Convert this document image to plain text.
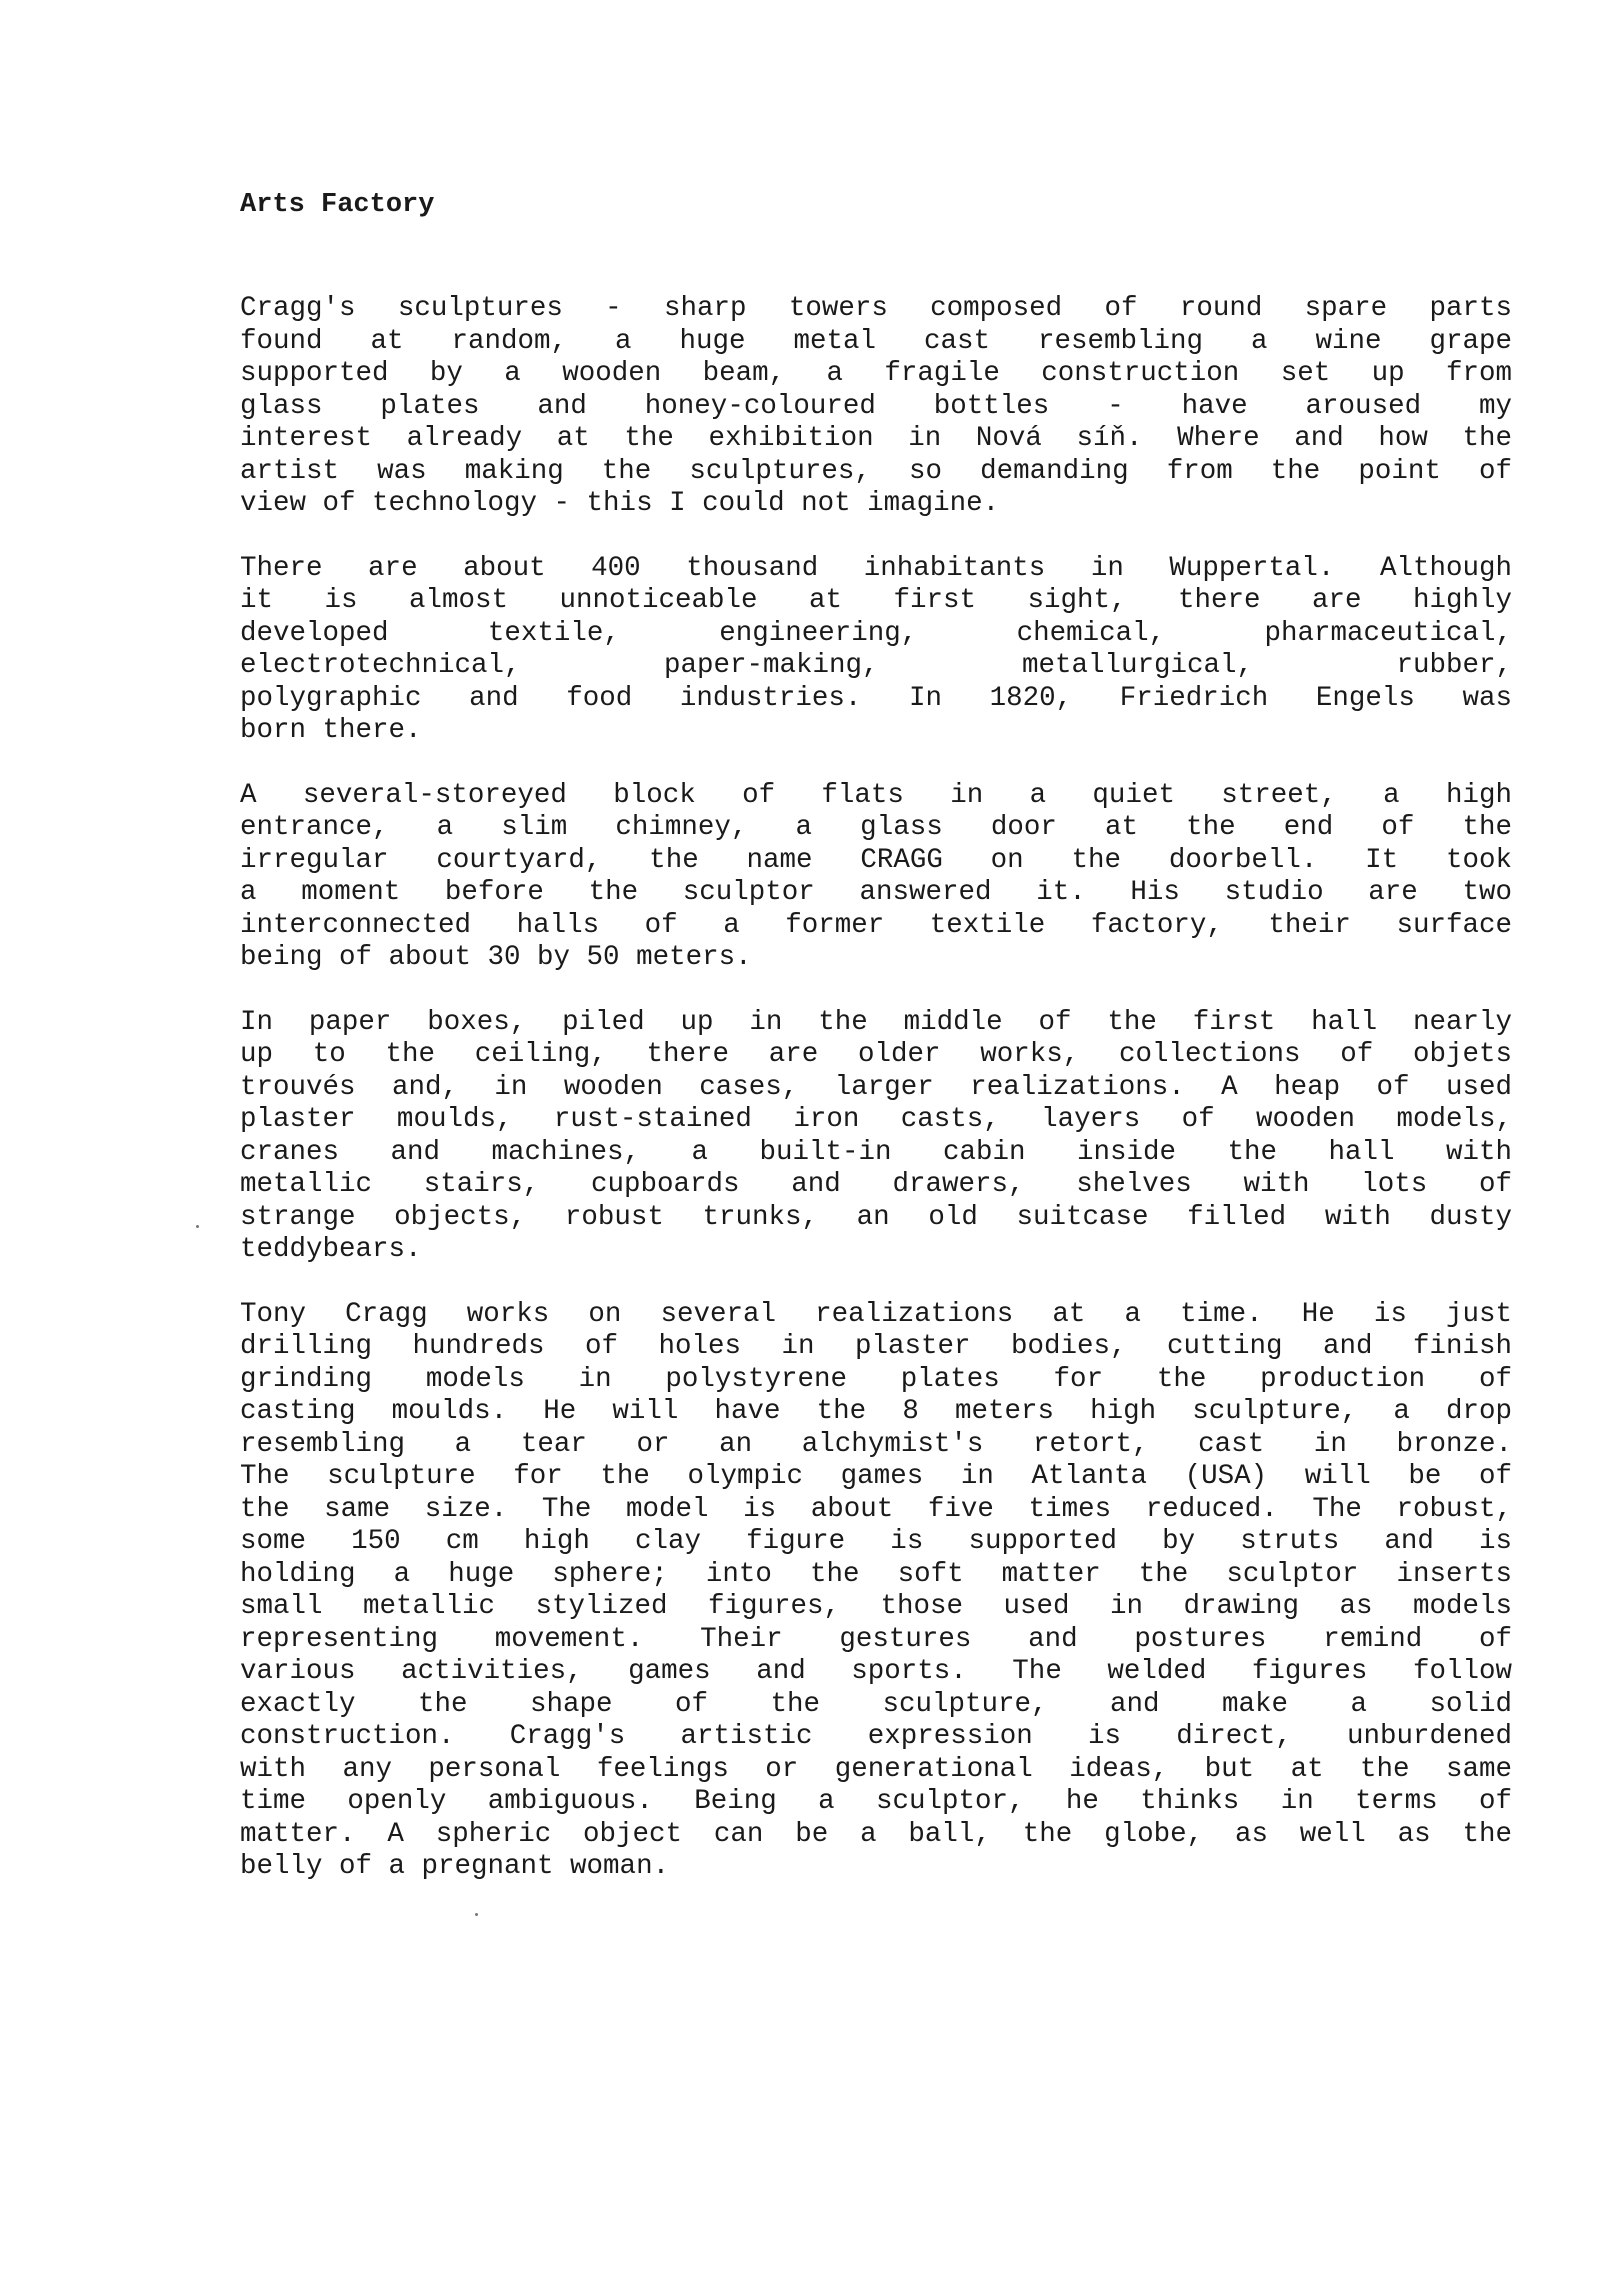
Arts Factory
Cragg's sculptures - sharp towers composed of round spare parts
found at random, a huge metal cast resembling a wine grape
supported by a wooden beam, a fragile construction set up from
glass plates and honey-coloured bottles - have aroused my
interest already at the exhibition in Nová síň. Where and how the
artist was making the sculptures, so demanding from the point of
view of technology - this I could not imagine.
There are about 400 thousand inhabitants in Wuppertal. Although
it is almost unnoticeable at first sight, there are highly
developed textile, engineering, chemical, pharmaceutical,
electrotechnical, paper-making, metallurgical, rubber,
polygraphic and food industries. In 1820, Friedrich Engels was
born there.
A several-storeyed block of flats in a quiet street, a high
entrance, a slim chimney, a glass door at the end of the
irregular courtyard, the name CRAGG on the doorbell. It took
a moment before the sculptor answered it. His studio are two
interconnected halls of a former textile factory, their surface
being of about 30 by 50 meters.
In paper boxes, piled up in the middle of the first hall nearly
up to the ceiling, there are older works, collections of objets
trouvés and, in wooden cases, larger realizations. A heap of used
plaster moulds, rust-stained iron casts, layers of wooden models,
cranes and machines, a built-in cabin inside the hall with
metallic stairs, cupboards and drawers, shelves with lots of
strange objects, robust trunks, an old suitcase filled with dusty
teddybears.
Tony Cragg works on several realizations at a time. He is just
drilling hundreds of holes in plaster bodies, cutting and finish
grinding models in polystyrene plates for the production of
casting moulds. He will have the 8 meters high sculpture, a drop
resembling a tear or an alchymist's retort, cast in bronze.
The sculpture for the olympic games in Atlanta (USA) will be of
the same size. The model is about five times reduced. The robust,
some 150 cm high clay figure is supported by struts and is
holding a huge sphere; into the soft matter the sculptor inserts
small metallic stylized figures, those used in drawing as models
representing movement. Their gestures and postures remind of
various activities, games and sports. The welded figures follow
exactly the shape of the sculpture, and make a solid
construction. Cragg's artistic expression is direct, unburdened
with any personal feelings or generational ideas, but at the same
time openly ambiguous. Being a sculptor, he thinks in terms of
matter. A spheric object can be a ball, the globe, as well as the
belly of a pregnant woman.
